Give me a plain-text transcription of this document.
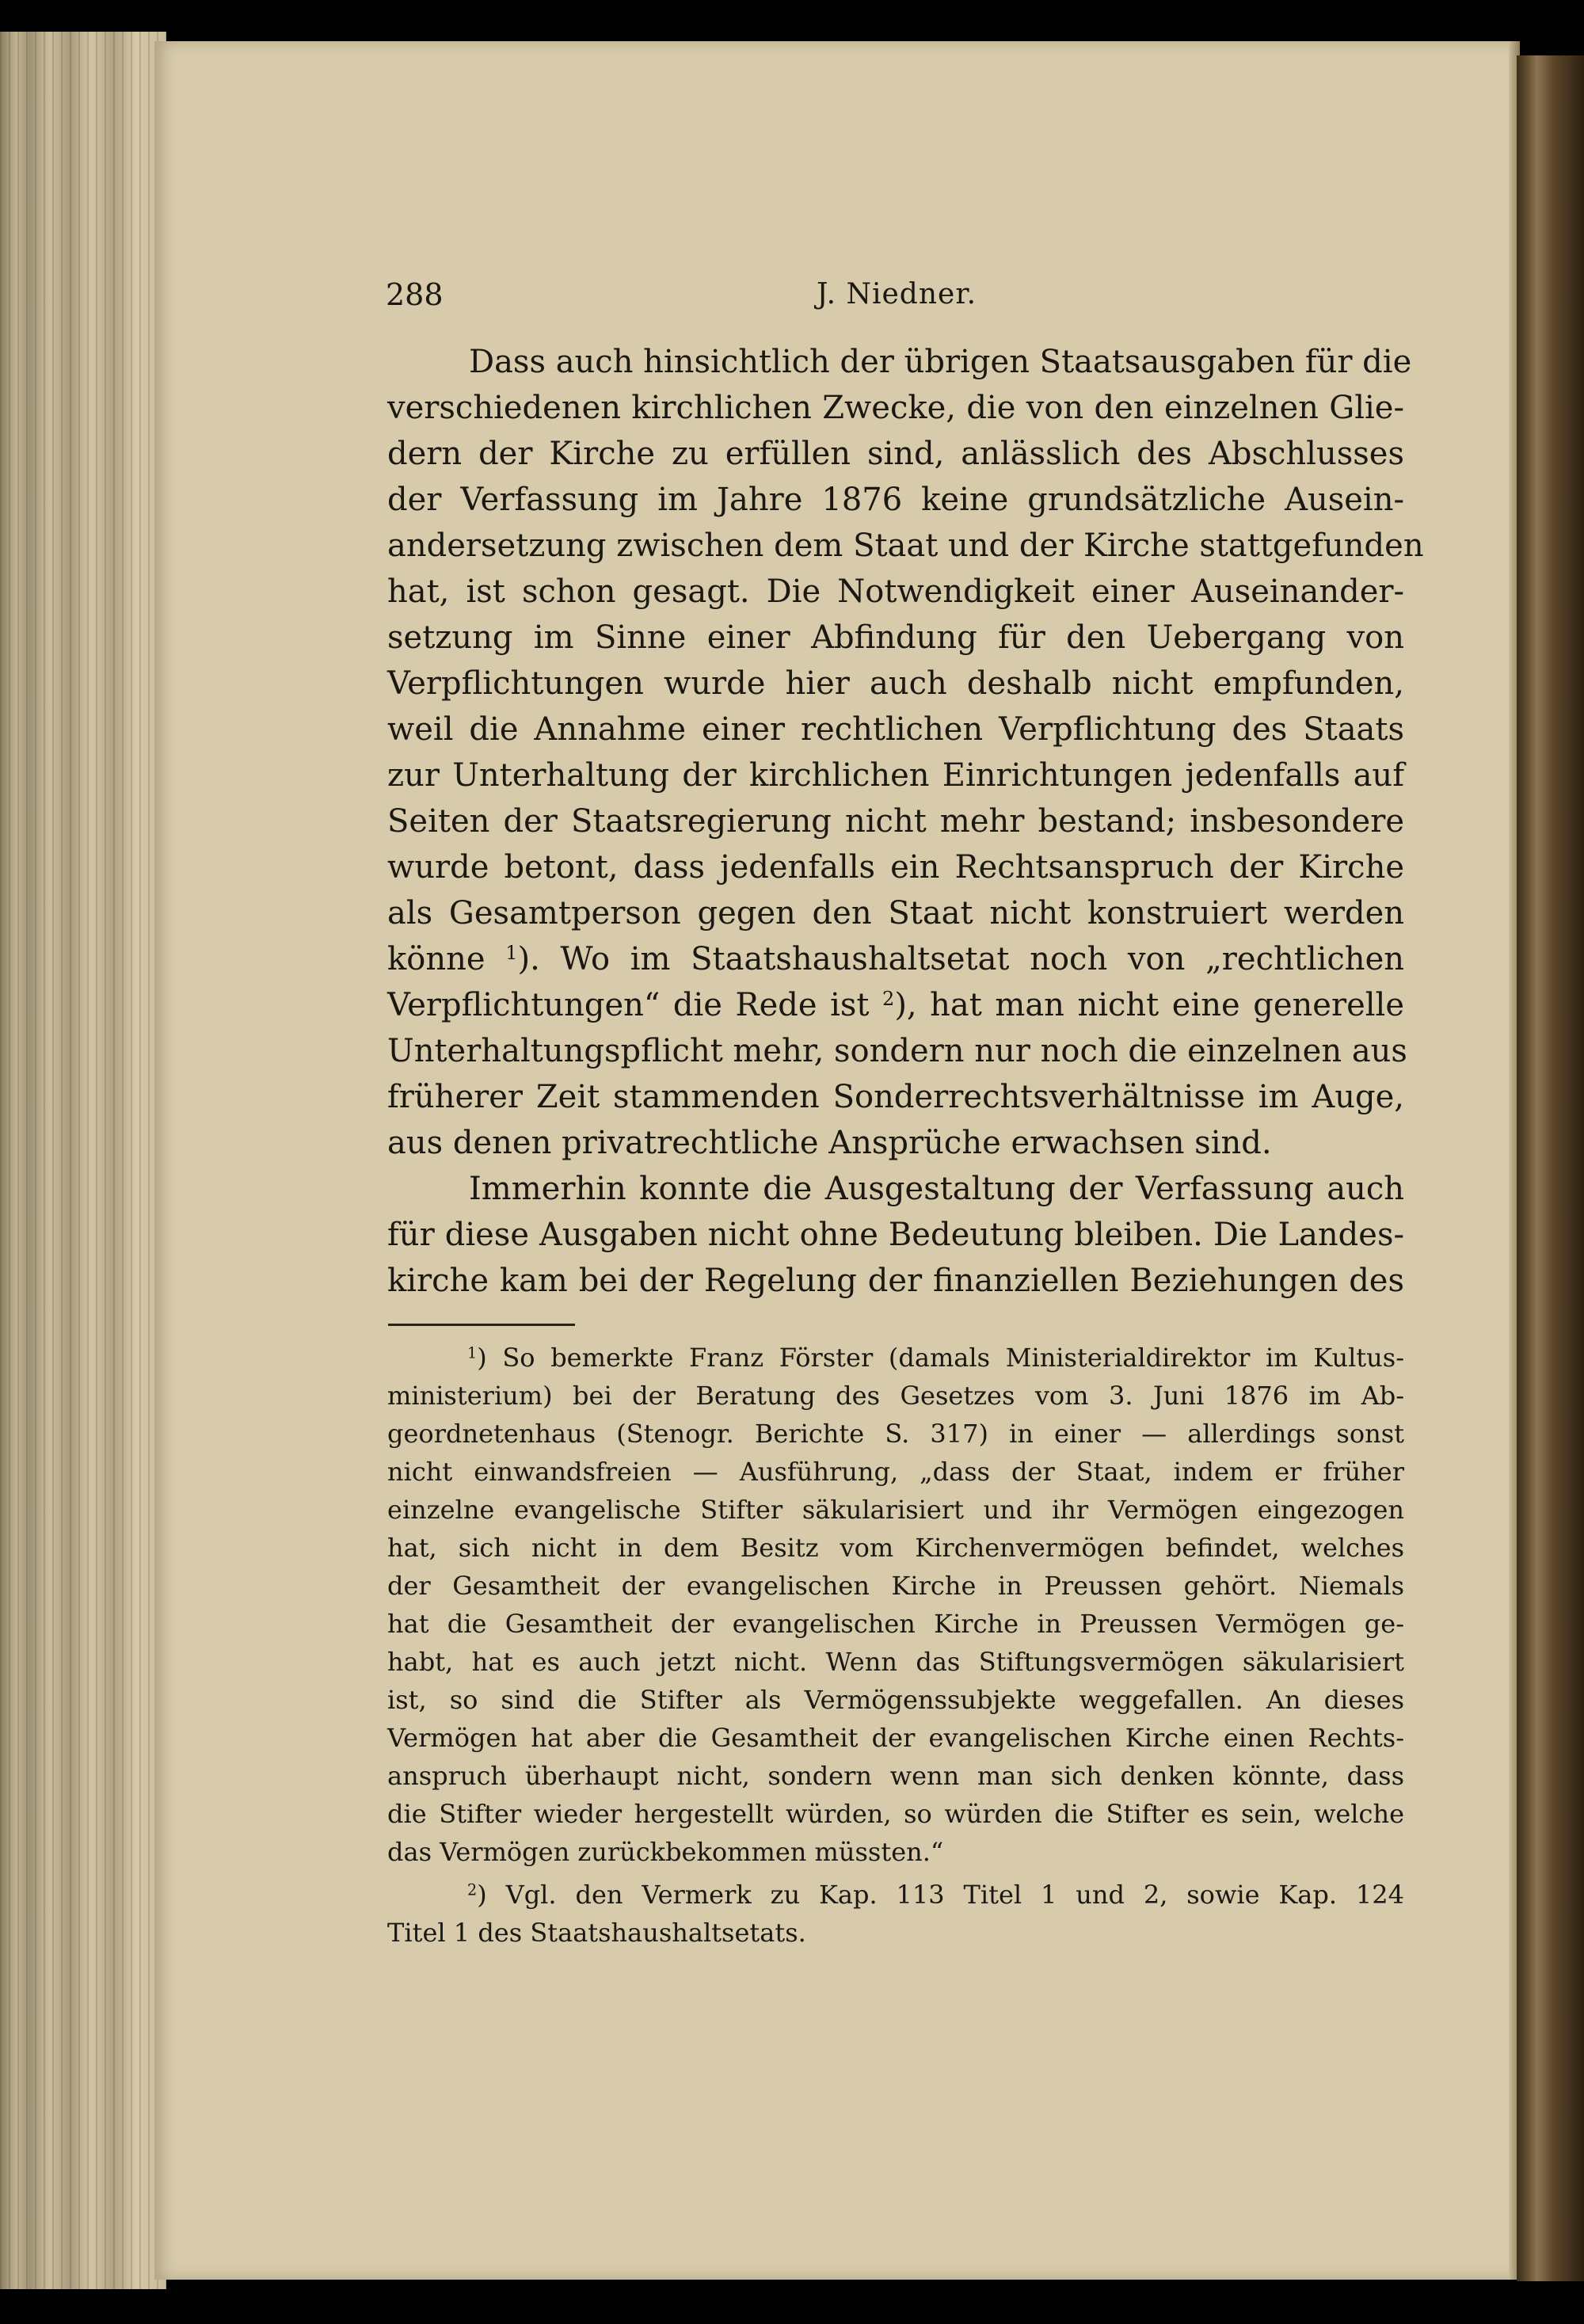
288	J. Niedner.
Dass auch hinsichtlich der übrigen Staatsausgaben für die
verschiedenen kirchlichen Zwecke, die von den einzelnen Glie-
dern der Kirche zu erfüllen sind, anlässlich des Abschlusses
der Verfassung im Jahre 1876 keine grundsätzliche Ausein-
andersetzung zwischen dem Staat und der Kirche stattgefunden
hat, ist schon gesagt. Die Notwendigkeit einer Auseinander-
setzung im Sinne einer Abfindung für den Uebergang von
Verpflichtungen wurde hier auch deshalb nicht empfunden,
weil die Annahme einer rechtlichen Verpflichtung des Staats
zur Unterhaltung der kirchlichen Einrichtungen jedenfalls auf
Seiten der Staatsregierung nicht mehr bestand; insbesondere
wurde betont, dass jedenfalls ein Rechtsanspruch der Kirche
als Gesamtperson gegen den Staat nicht konstruiert werden
könne $^1$). Wo im Staatshaushaltsetat noch von „rechtlichen
Verpflichtungen“ die Rede ist $^2$), hat man nicht eine generelle
Unterhaltungspflicht mehr, sondern nur noch die einzelnen aus
früherer Zeit stammenden Sonderrechtsverhältnisse im Auge,
aus denen privatrechtliche Ansprüche erwachsen sind.
Immerhin konnte die Ausgestaltung der Verfassung auch
für diese Ausgaben nicht ohne Bedeutung bleiben. Die Landes-
kirche kam bei der Regelung der finanziellen Beziehungen des
$^1$) So bemerkte Franz Förster (damals Ministerialdirektor im Kultus-
ministerium) bei der Beratung des Gesetzes vom 3. Juni 1876 im Ab-
geordnetenhaus (Stenogr. Berichte S. 317) in einer — allerdings sonst
nicht einwandsfreien — Ausführung, „dass der Staat, indem er früher
einzelne evangelische Stifter säkularisiert und ihr Vermögen eingezogen
hat, sich nicht in dem Besitz vom Kirchenvermögen befindet, welches
der Gesamtheit der evangelischen Kirche in Preussen gehört. Niemals
hat die Gesamtheit der evangelischen Kirche in Preussen Vermögen ge-
habt, hat es auch jetzt nicht. Wenn das Stiftungsvermögen säkularisiert
ist, so sind die Stifter als Vermögenssubjekte weggefallen. An dieses
Vermögen hat aber die Gesamtheit der evangelischen Kirche einen Rechts-
anspruch überhaupt nicht, sondern wenn man sich denken könnte, dass
die Stifter wieder hergestellt würden, so würden die Stifter es sein, welche
das Vermögen zurückbekommen müssten.“
$^2$) Vgl. den Vermerk zu Kap. 113 Titel 1 und 2, sowie Kap. 124
Titel 1 des Staatshaushaltsetats.
